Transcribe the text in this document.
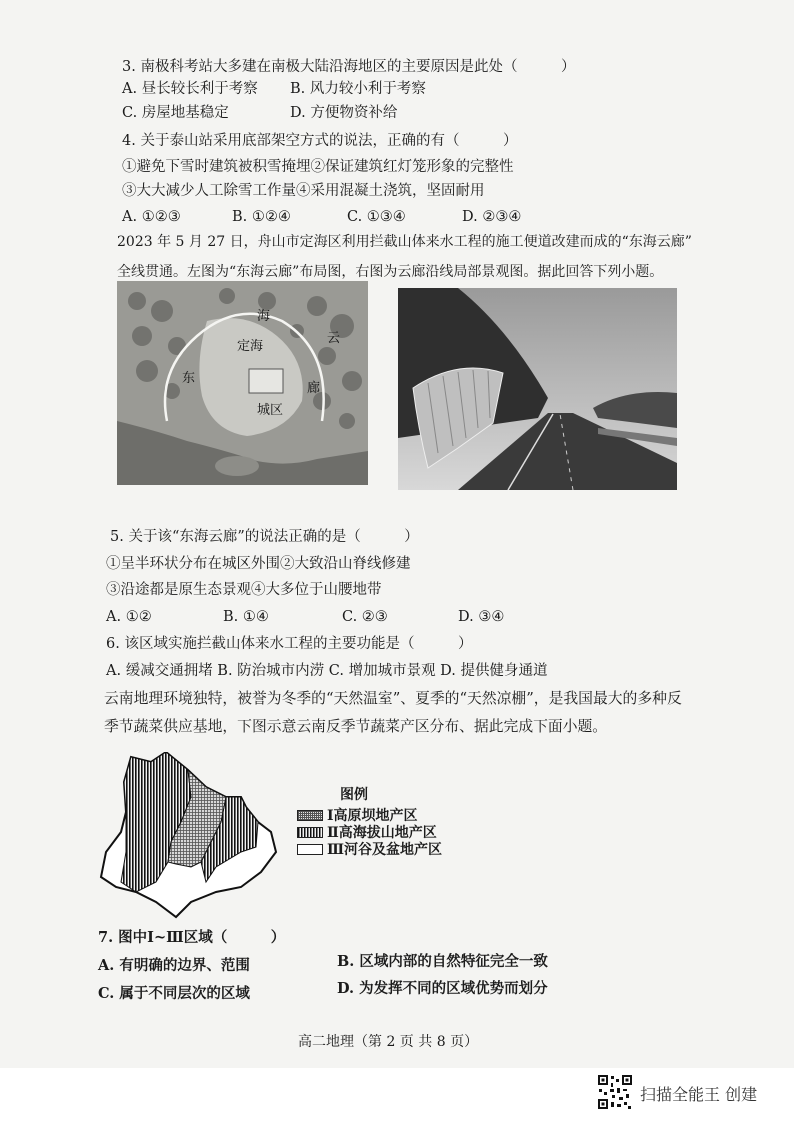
3. 南极科考站大多建在南极大陆沿海地区的主要原因是此处（　　　）
A. 昼长较长利于考察 B. 风力较小利于考察
C. 房屋地基稳定	D. 方便物资补给
4. 关于泰山站采用底部架空方式的说法，正确的有（　　　）
①避免下雪时建筑被积雪掩埋②保证建筑红灯笼形象的完整性
③大大减少人工除雪工作量④采用混凝土浇筑，坚固耐用
A. ①②③	B. ①②④	C. ①③④	D. ②③④
2023 年 5 月 27 日，舟山市定海区利用拦截山体来水工程的施工便道改建而成的“东海云廊”
全线贯通。左图为“东海云廊”布局图，右图为云廊沿线局部景观图。据此回答下列小题。
海
定海
东
云
廊
城区
5. 关于该“东海云廊”的说法正确的是（　　　）
①呈半环状分布在城区外围②大致沿山脊线修建
③沿途都是原生态景观④大多位于山腰地带
A. ①②	B. ①④	C. ②③	D. ③④
6. 该区域实施拦截山体来水工程的主要功能是（　　　）
A. 缓减交通拥堵 B. 防治城市内涝 C. 增加城市景观 D. 提供健身通道
云南地理环境独特，被誉为冬季的“天然温室”、夏季的“天然凉棚”，是我国最大的多种反
季节蔬菜供应基地，下图示意云南反季节蔬菜产区分布、据此完成下面小题。
图例
Ⅰ高原坝地产区
Ⅱ高海拔山地产区
Ⅲ河谷及盆地产区
7. 图中Ⅰ~Ⅲ区域（　　　）
A. 有明确的边界、范围	B. 区域内部的自然特征完全一致
C. 属于不同层次的区域	D. 为发挥不同的区域优势而划分
高二地理（第 2 页 共 8 页）
扫描全能王 创建
